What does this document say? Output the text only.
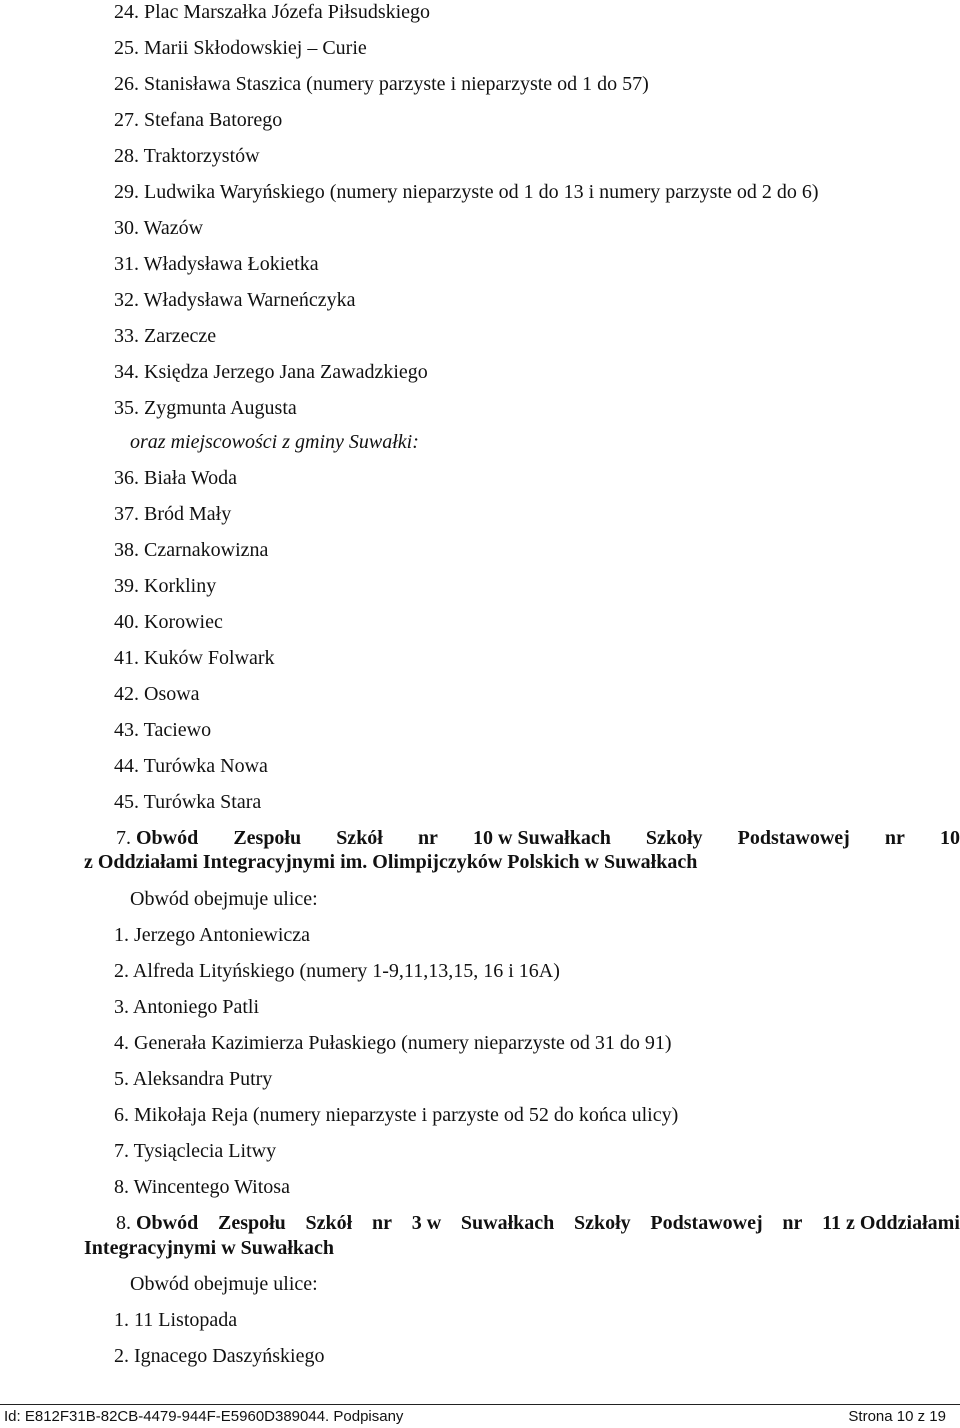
24. Plac Marszałka Józefa Piłsudskiego
25. Marii Skłodowskiej – Curie
26. Stanisława Staszica (numery parzyste i nieparzyste od 1 do 57)
27. Stefana Batorego
28. Traktorzystów
29. Ludwika Waryńskiego (numery nieparzyste od 1 do 13 i numery parzyste od 2 do 6)
30. Wazów
31. Władysława Łokietka
32. Władysława Warneńczyka
33. Zarzecze
34. Księdza Jerzego Jana Zawadzkiego
35. Zygmunta Augusta
oraz miejscowości z gminy Suwałki:
36. Biała Woda
37. Bród Mały
38. Czarnakowizna
39. Korkliny
40. Korowiec
41. Kuków Folwark
42. Osowa
43. Taciewo
44. Turówka Nowa
45. Turówka Stara
7. Obwód Zespołu Szkół nr 10 w Suwałkach Szkoły Podstawowej nr 10
z Oddziałami Integracyjnymi im. Olimpijczyków Polskich w Suwałkach
Obwód obejmuje ulice:
1. Jerzego Antoniewicza
2. Alfreda Lityńskiego (numery 1-9,11,13,15, 16 i 16A)
3. Antoniego Patli
4. Generała Kazimierza Pułaskiego (numery nieparzyste od 31 do 91)
5. Aleksandra Putry
6. Mikołaja Reja (numery nieparzyste i parzyste od 52 do końca ulicy)
7. Tysiąclecia Litwy
8. Wincentego Witosa
8. Obwód Zespołu Szkół nr 3 w Suwałkach Szkoły Podstawowej nr 11 z Oddziałami
Integracyjnymi w Suwałkach
Obwód obejmuje ulice:
1. 11 Listopada
2. Ignacego Daszyńskiego
Id: E812F31B-82CB-4479-944F-E5960D389044. Podpisany	Strona 10 z 19
